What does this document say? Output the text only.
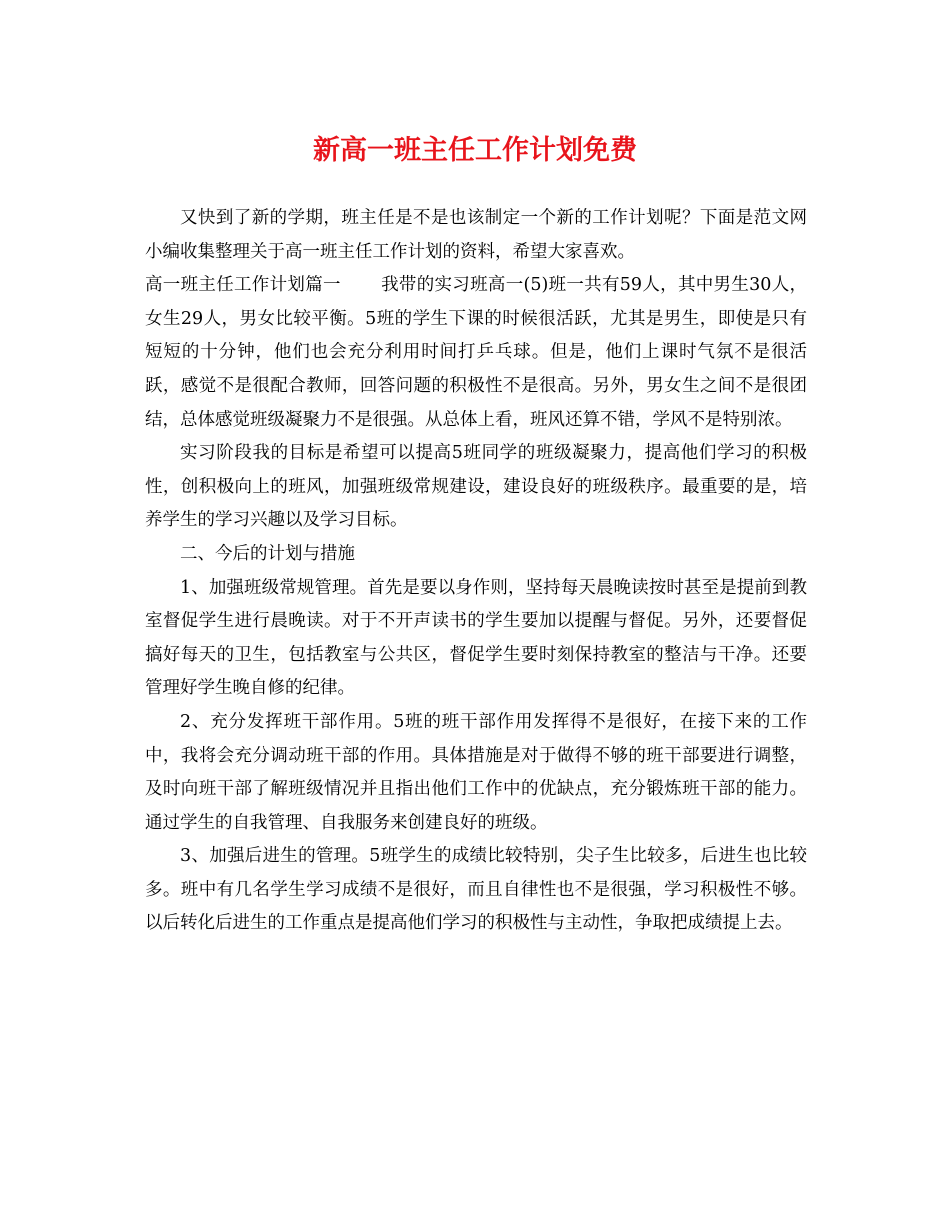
新高一班主任工作计划免费

又快到了新的学期，班主任是不是也该制定一个新的工作计划呢？下面是范文网小编收集整理关于高一班主任工作计划的资料，希望大家喜欢。

高一班主任工作计划篇一 我带的实习班高一(5)班一共有59人，其中男生30人，女生29人，男女比较平衡。5班的学生下课的时候很活跃，尤其是男生，即使是只有短短的十分钟，他们也会充分利用时间打乒乓球。但是，他们上课时气氛不是很活跃，感觉不是很配合教师，回答问题的积极性不是很高。另外，男女生之间不是很团结，总体感觉班级凝聚力不是很强。从总体上看，班风还算不错，学风不是特别浓。

实习阶段我的目标是希望可以提高5班同学的班级凝聚力，提高他们学习的积极性，创积极向上的班风，加强班级常规建设，建设良好的班级秩序。最重要的是，培养学生的学习兴趣以及学习目标。

二、今后的计划与措施

1、加强班级常规管理。首先是要以身作则，坚持每天晨晚读按时甚至是提前到教室督促学生进行晨晚读。对于不开声读书的学生要加以提醒与督促。另外，还要督促搞好每天的卫生，包括教室与公共区，督促学生要时刻保持教室的整洁与干净。还要管理好学生晚自修的纪律。

2、充分发挥班干部作用。5班的班干部作用发挥得不是很好，在接下来的工作中，我将会充分调动班干部的作用。具体措施是对于做得不够的班干部要进行调整，及时向班干部了解班级情况并且指出他们工作中的优缺点，充分锻炼班干部的能力。通过学生的自我管理、自我服务来创建良好的班级。

3、加强后进生的管理。5班学生的成绩比较特别，尖子生比较多，后进生也比较多。班中有几名学生学习成绩不是很好，而且自律性也不是很强，学习积极性不够。以后转化后进生的工作重点是提高他们学习的积极性与主动性，争取把成绩提上去。
